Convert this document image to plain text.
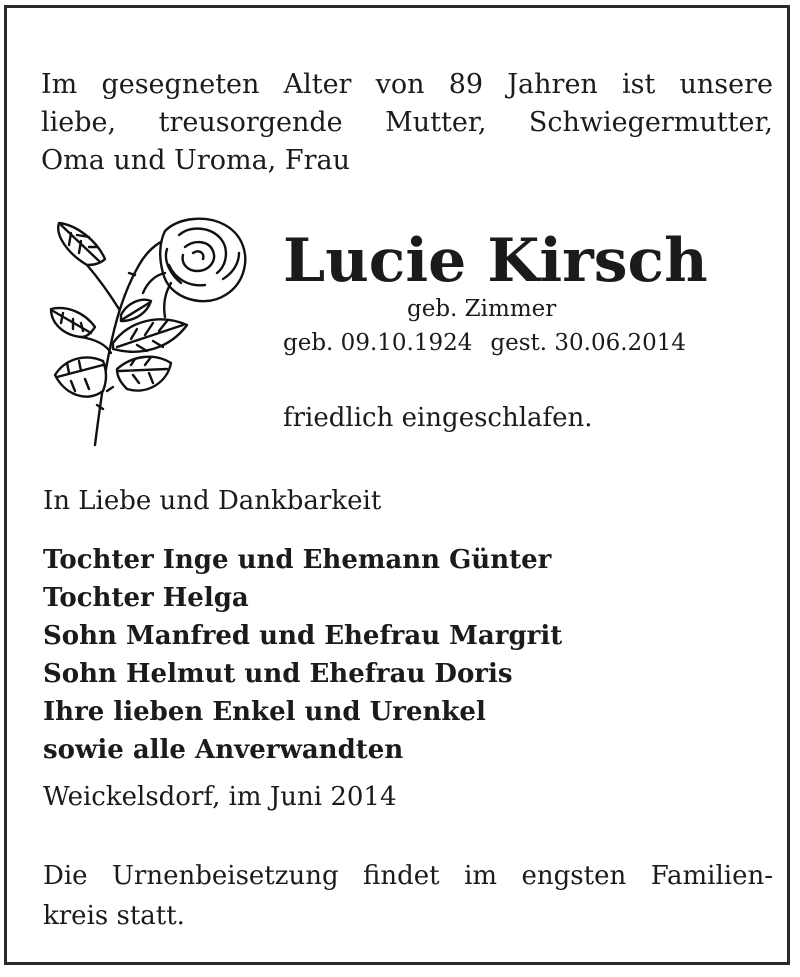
Im gesegneten Alter von 89 Jahren ist unsere
liebe, treusorgende Mutter, Schwiegermutter,
Oma und Uroma, Frau
Lucie Kirsch
geb. Zimmer
geb. 09.10.1924 gest. 30.06.2014
friedlich eingeschlafen.
In Liebe und Dankbarkeit
Tochter Inge und Ehemann Günter
Tochter Helga
Sohn Manfred und Ehefrau Margrit
Sohn Helmut und Ehefrau Doris
Ihre lieben Enkel und Urenkel
sowie alle Anverwandten
Weickelsdorf, im Juni 2014
Die Urnenbeisetzung findet im engsten Familien-
kreis statt.
